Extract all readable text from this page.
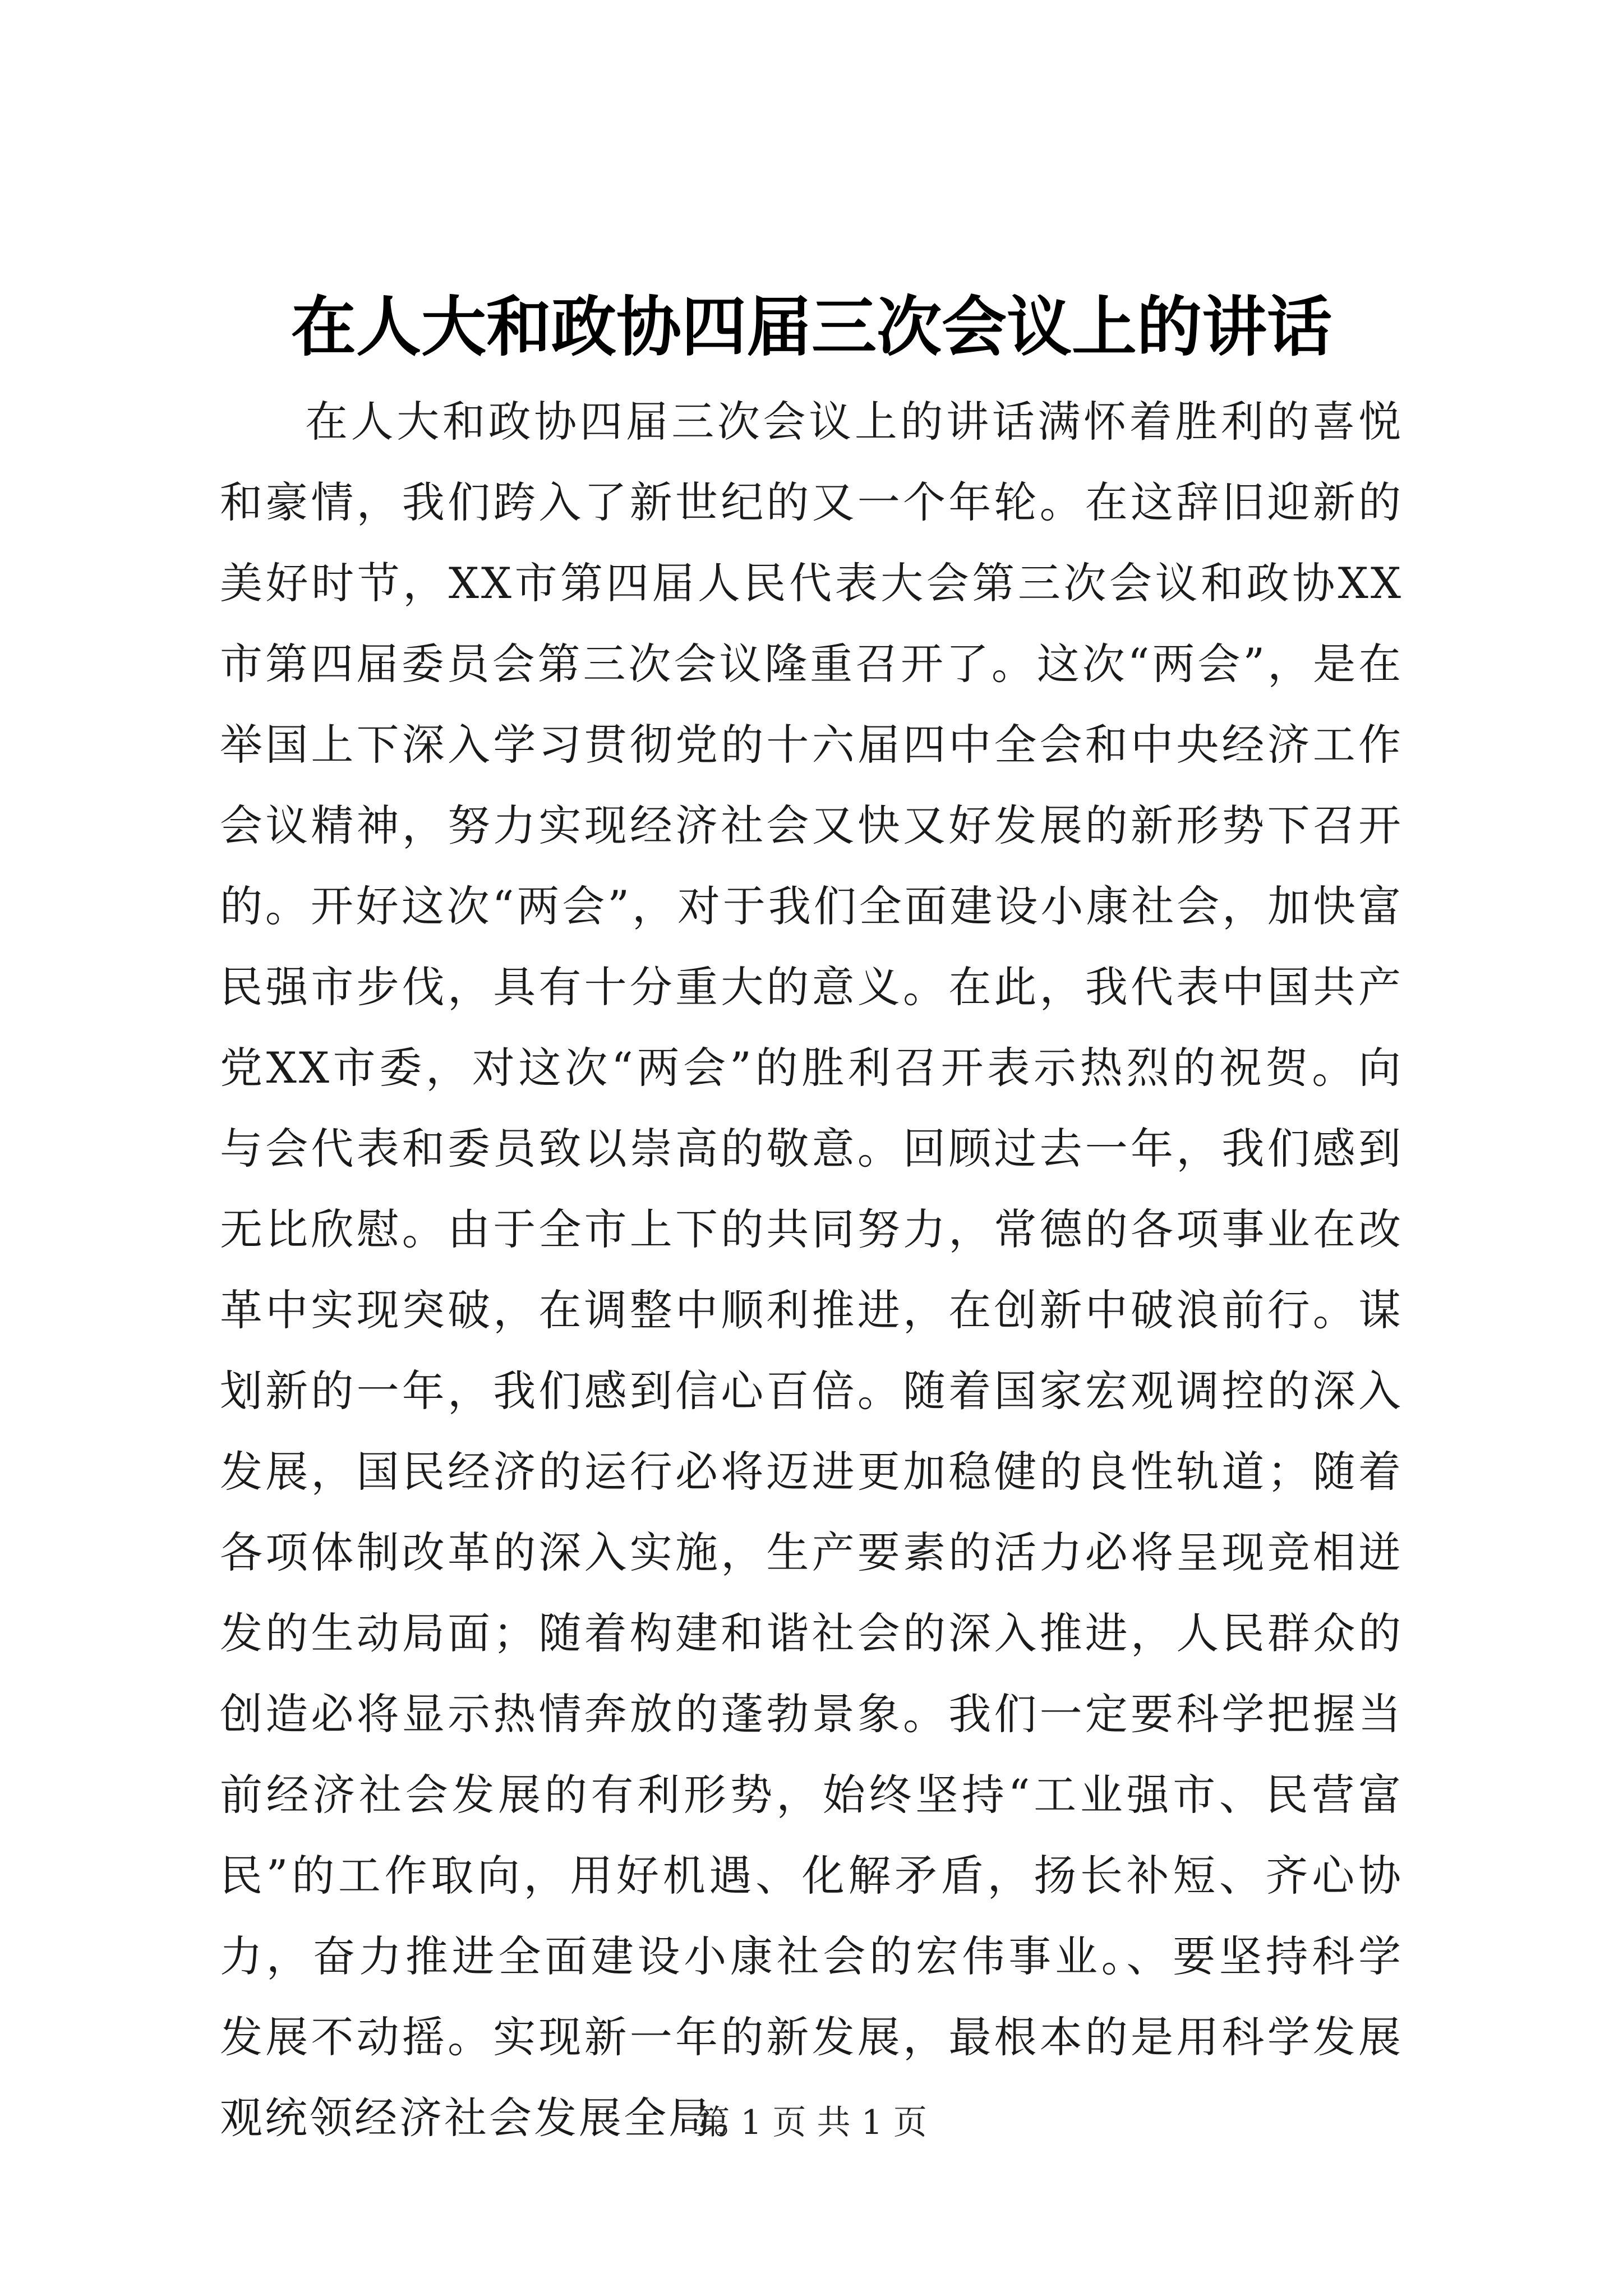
在人大和政协四届三次会议上的讲话

在人大和政协四届三次会议上的讲话满怀着胜利的喜悦和豪情，我们跨入了新世纪的又一个年轮。在这辞旧迎新的美好时节，XX市第四届人民代表大会第三次会议和政协XX市第四届委员会第三次会议隆重召开了。这次“两会”，是在举国上下深入学习贯彻党的十六届四中全会和中央经济工作会议精神，努力实现经济社会又快又好发展的新形势下召开的。开好这次“两会”，对于我们全面建设小康社会，加快富民强市步伐，具有十分重大的意义。在此，我代表中国共产党XX市委，对这次“两会”的胜利召开表示热烈的祝贺。向与会代表和委员致以崇高的敬意。回顾过去一年，我们感到无比欣慰。由于全市上下的共同努力，常德的各项事业在改革中实现突破，在调整中顺利推进，在创新中破浪前行。谋划新的一年，我们感到信心百倍。随着国家宏观调控的深入发展，国民经济的运行必将迈进更加稳健的良性轨道；随着各项体制改革的深入实施，生产要素的活力必将呈现竞相迸发的生动局面；随着构建和谐社会的深入推进，人民群众的创造必将显示热情奔放的蓬勃景象。我们一定要科学把握当前经济社会发展的有利形势，始终坚持“工业强市、民营富民”的工作取向，用好机遇、化解矛盾，扬长补短、齐心协力，奋力推进全面建设小康社会的宏伟事业。、要坚持科学发展不动摇。实现新一年的新发展，最根本的是用科学发展观统领经济社会发展全局。

第 1 页 共 1 页
